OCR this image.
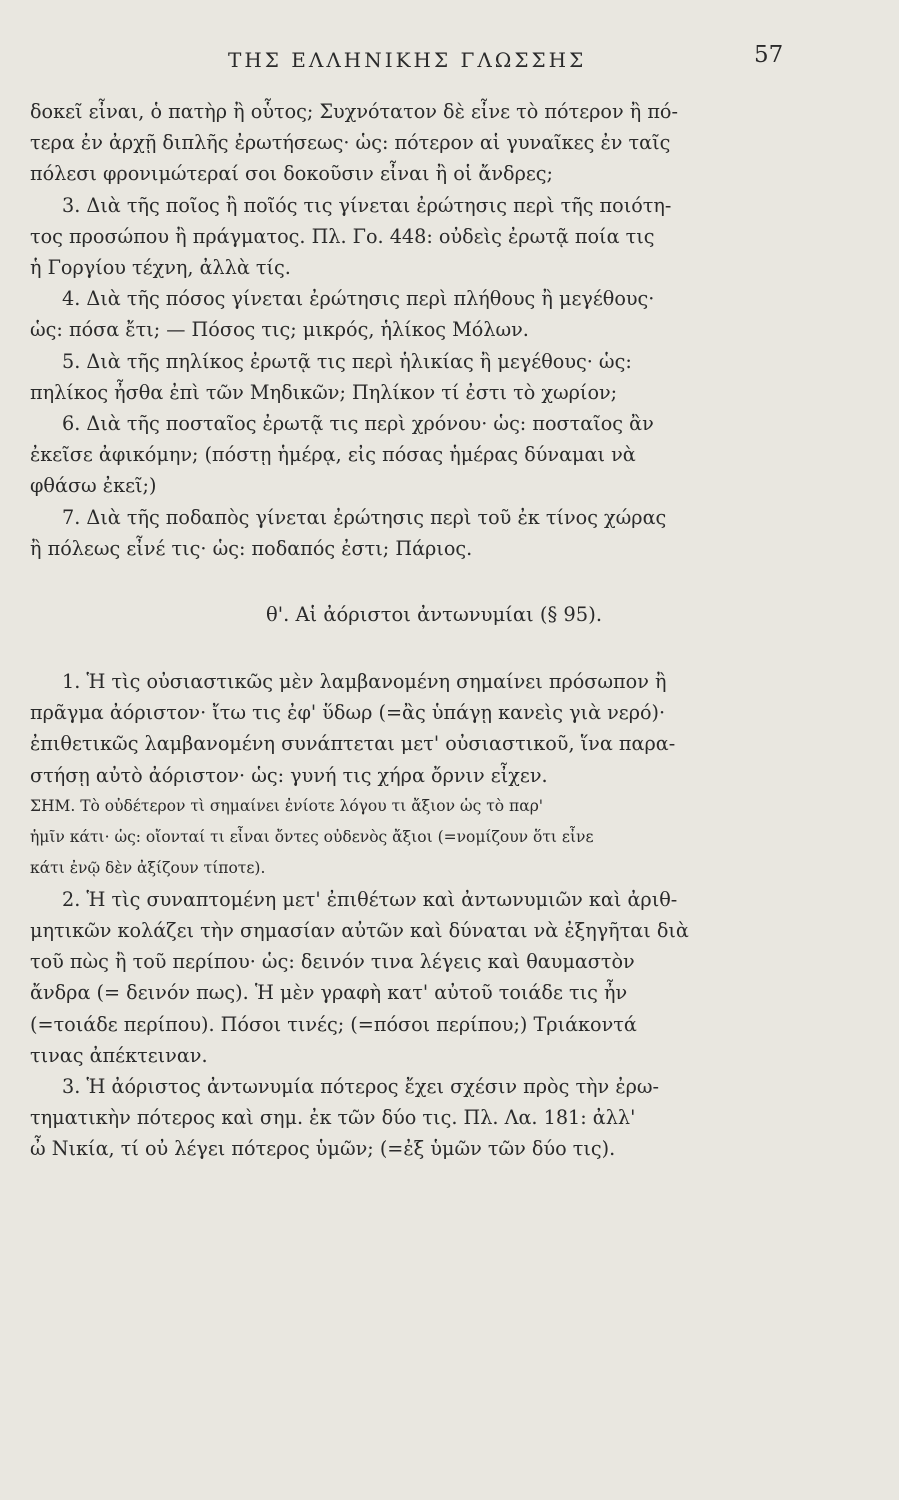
ΤΗΣ ΕΛΛΗΝΙΚΗΣ ΓΛΩΣΣΗΣ	57
δοκεῖ εἶναι, ὁ πατὴρ ἢ οὗτος; Συχνότατον δὲ εἶνε τὸ πότερον ἢ πό-
τερα ἐν ἀρχῇ διπλῆς ἐρωτήσεως· ὡς: πότερον αἱ γυναῖκες ἐν ταῖς
πόλεσι φρονιμώτεραί σοι δοκοῦσιν εἶναι ἢ οἱ ἄνδρες;
3. Διὰ τῆς ποῖος ἢ ποῖός τις γίνεται ἐρώτησις περὶ τῆς ποιότη-
τος προσώπου ἢ πράγματος. Πλ. Γο. 448: οὐδεὶς ἐρωτᾷ ποία τις
ἡ Γοργίου τέχνη, ἀλλὰ τίς.
4. Διὰ τῆς πόσος γίνεται ἐρώτησις περὶ πλήθους ἢ μεγέθους·
ὡς: πόσα ἔτι; — Πόσος τις; μικρός, ἡλίκος Μόλων.
5. Διὰ τῆς πηλίκος ἐρωτᾷ τις περὶ ἡλικίας ἢ μεγέθους· ὡς:
πηλίκος ἦσθα ἐπὶ τῶν Μηδικῶν; Πηλίκον τί ἐστι τὸ χωρίον;
6. Διὰ τῆς ποσταῖος ἐρωτᾷ τις περὶ χρόνου· ὡς: ποσταῖος ἂν
ἐκεῖσε ἀφικόμην; (πόστῃ ἡμέρᾳ, εἰς πόσας ἡμέρας δύναμαι νὰ
φθάσω ἐκεῖ;)
7. Διὰ τῆς ποδαπὸς γίνεται ἐρώτησις περὶ τοῦ ἐκ τίνος χώρας
ἢ πόλεως εἶνέ τις· ὡς: ποδαπός ἐστι; Πάριος.
θ'. Αἱ ἀόριστοι ἀντωνυμίαι (§ 95).
1. Ἡ τὶς οὐσιαστικῶς μὲν λαμβανομένη σημαίνει πρόσωπον ἢ
πρᾶγμα ἀόριστον· ἴτω τις ἐφ' ὕδωρ (=ἂς ὑπάγῃ κανεὶς γιὰ νερό)·
ἐπιθετικῶς λαμβανομένη συνάπτεται μετ' οὐσιαστικοῦ, ἵνα παρα-
στήσῃ αὐτὸ ἀόριστον· ὡς: γυνή τις χήρα ὄρνιν εἶχεν.
ΣΗΜ. Τὸ οὐδέτερον τὶ σημαίνει ἐνίοτε λόγου τι ἄξιον ὡς τὸ παρ'
ἡμῖν κάτι· ὡς: οἴονταί τι εἶναι ὄντες οὐδενὸς ἄξιοι (=νομίζουν ὅτι εἶνε
κάτι ἐνῷ δὲν ἀξίζουν τίποτε).
2. Ἡ τὶς συναπτομένη μετ' ἐπιθέτων καὶ ἀντωνυμιῶν καὶ ἀριθ-
μητικῶν κολάζει τὴν σημασίαν αὐτῶν καὶ δύναται νὰ ἐξηγῆται διὰ
τοῦ πὼς ἢ τοῦ περίπου· ὡς: δεινόν τινα λέγεις καὶ θαυμαστὸν
ἄνδρα (= δεινόν πως). Ἡ μὲν γραφὴ κατ' αὐτοῦ τοιάδε τις ἦν
(=τοιάδε περίπου). Πόσοι τινές; (=πόσοι περίπου;) Τριάκοντά
τινας ἀπέκτειναν.
3. Ἡ ἀόριστος ἀντωνυμία πότερος ἔχει σχέσιν πρὸς τὴν ἐρω-
τηματικὴν πότερος καὶ σημ. ἐκ τῶν δύο τις. Πλ. Λα. 181: ἀλλ'
ὦ Νικία, τί οὐ λέγει πότερος ὑμῶν; (=ἐξ ὑμῶν τῶν δύο τις).
